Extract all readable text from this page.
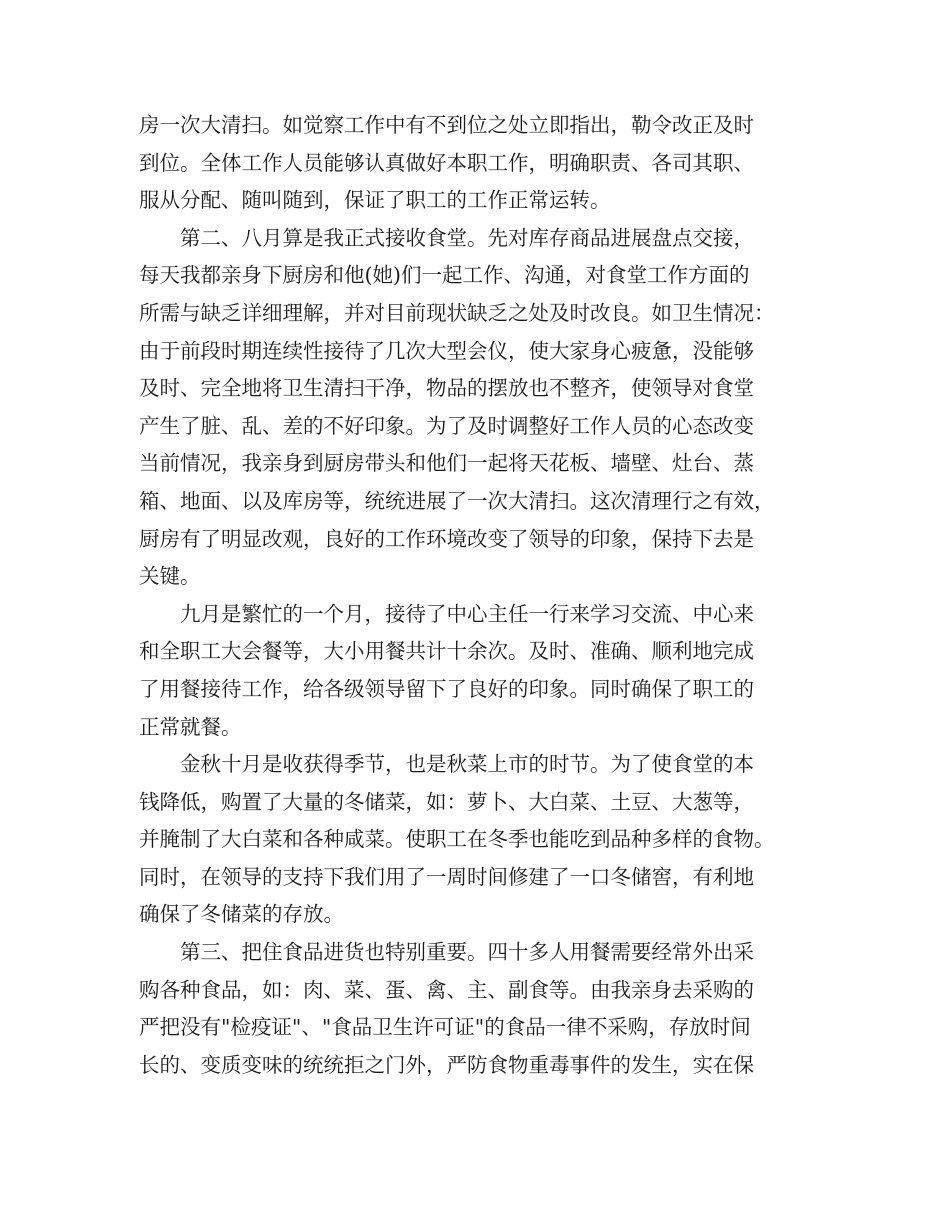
房一次大清扫。如觉察工作中有不到位之处立即指出，勒令改正及时
到位。全体工作人员能够认真做好本职工作，明确职责、各司其职、
服从分配、随叫随到，保证了职工的工作正常运转。
第二、八月算是我正式接收食堂。先对库存商品进展盘点交接，
每天我都亲身下厨房和他(她)们一起工作、沟通，对食堂工作方面的
所需与缺乏详细理解，并对目前现状缺乏之处及时改良。如卫生情况：
由于前段时期连续性接待了几次大型会仪，使大家身心疲惫，没能够
及时、完全地将卫生清扫干净，物品的摆放也不整齐，使领导对食堂
产生了脏、乱、差的不好印象。为了及时调整好工作人员的心态改变
当前情况，我亲身到厨房带头和他们一起将天花板、墙壁、灶台、蒸
箱、地面、以及库房等，统统进展了一次大清扫。这次清理行之有效，
厨房有了明显改观，良好的工作环境改变了领导的印象，保持下去是
关键。
九月是繁忙的一个月，接待了中心主任一行来学习交流、中心来
和全职工大会餐等，大小用餐共计十余次。及时、准确、顺利地完成
了用餐接待工作，给各级领导留下了良好的印象。同时确保了职工的
正常就餐。
金秋十月是收获得季节，也是秋菜上市的时节。为了使食堂的本
钱降低，购置了大量的冬储菜，如：萝卜、大白菜、土豆、大葱等，
并腌制了大白菜和各种咸菜。使职工在冬季也能吃到品种多样的食物。
同时，在领导的支持下我们用了一周时间修建了一口冬储窖，有利地
确保了冬储菜的存放。
第三、把住食品进货也特别重要。四十多人用餐需要经常外出采
购各种食品，如：肉、菜、蛋、禽、主、副食等。由我亲身去采购的
严把没有"检疫证"、"食品卫生许可证"的食品一律不采购，存放时间
长的、变质变味的统统拒之门外，严防食物重毒事件的发生，实在保
